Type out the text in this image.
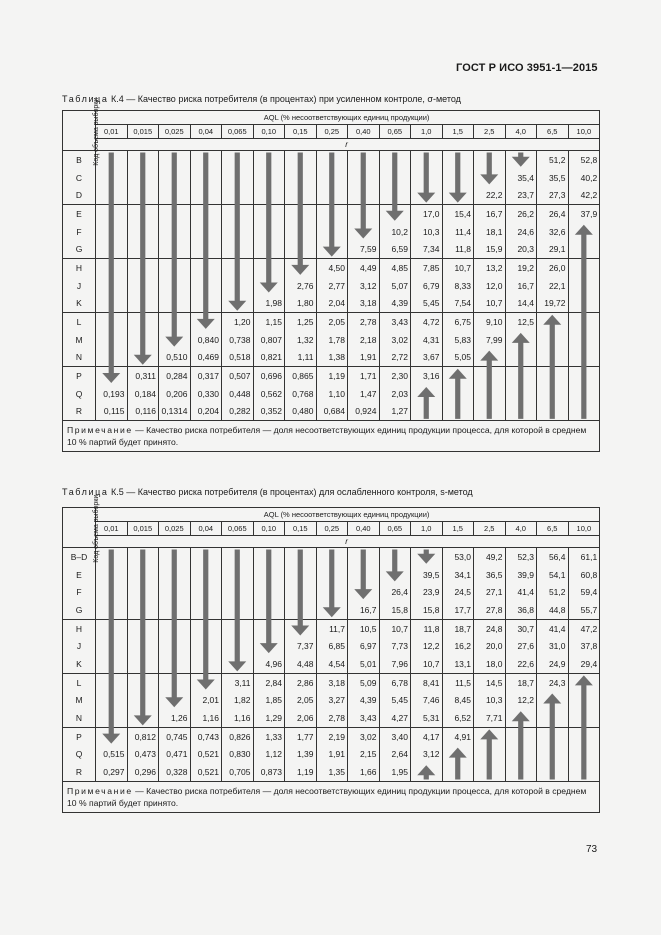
ГОСТ Р ИСО 3951-1—2015
Таблица К.4 — Качество риска потребителя (в процентах) при усиленном контроле, σ-метод
Код объема выборки	AQL (% несоответствующих единиц продукции)															
	0,01	0,015	0,025	0,04	0,065	0,10	0,15	0,25	0,40	0,65	1,0	1,5	2,5	4,0	6,5	10,0
	r															
B															51,2	52,8
C														35,4	35,5	40,2
D													22,2	23,7	27,3	42,2
E											17,0	15,4	16,7	26,2	26,4	37,9
F										10,2	10,3	11,4	18,1	24,6	32,6	
G									7,59	6,59	7,34	11,8	15,9	20,3	29,1	
H								4,50	4,49	4,85	7,85	10,7	13,2	19,2	26,0	
J							2,76	2,77	3,12	5,07	6,79	8,33	12,0	16,7	22,1	
K						1,98	1,80	2,04	3,18	4,39	5,45	7,54	10,7	14,4	19,72	
L					1,20	1,15	1,25	2,05	2,78	3,43	4,72	6,75	9,10	12,5		
M				0,840	0,738	0,807	1,32	1,78	2,18	3,02	4,31	5,83	7,99			
N			0,510	0,469	0,518	0,821	1,11	1,38	1,91	2,72	3,67	5,05				
P		0,311	0,284	0,317	0,507	0,696	0,865	1,19	1,71	2,30	3,16					
Q	0,193	0,184	0,206	0,330	0,448	0,562	0,768	1,10	1,47	2,03						
R	0,115	0,116	0,1314	0,204	0,282	0,352	0,480	0,684	0,924	1,27						
Примечание — Качество риска потребителя — доля несоответствующих единиц продукции процесса, для которой в среднем 10 % партий будет принято.																
Таблица К.5 — Качество риска потребителя (в процентах) для ослабленного контроля, s-метод
Код объема выборки	AQL (% несоответствующих единиц продукции)															
	0,01	0,015	0,025	0,04	0,065	0,10	0,15	0,25	0,40	0,65	1,0	1,5	2,5	4,0	6,5	10,0
	r															
B–D												53,0	49,2	52,3	56,4	61,1
E											39,5	34,1	36,5	39,9	54,1	60,8
F										26,4	23,9	24,5	27,1	41,4	51,2	59,4
G									16,7	15,8	15,8	17,7	27,8	36,8	44,8	55,7
H								11,7	10,5	10,7	11,8	18,7	24,8	30,7	41,4	47,2
J							7,37	6,85	6,97	7,73	12,2	16,2	20,0	27,6	31,0	37,8
K						4,96	4,48	4,54	5,01	7,96	10,7	13,1	18,0	22,6	24,9	29,4
L					3,11	2,84	2,86	3,18	5,09	6,78	8,41	11,5	14,5	18,7	24,3	
M				2,01	1,82	1,85	2,05	3,27	4,39	5,45	7,46	8,45	10,3	12,2		
N			1,26	1,16	1,16	1,29	2,06	2,78	3,43	4,27	5,31	6,52	7,71			
P		0,812	0,745	0,743	0,826	1,33	1,77	2,19	3,02	3,40	4,17	4,91				
Q	0,515	0,473	0,471	0,521	0,830	1,12	1,39	1,91	2,15	2,64	3,12					
R	0,297	0,296	0,328	0,521	0,705	0,873	1,19	1,35	1,66	1,95						
Примечание — Качество риска потребителя — доля несоответствующих единиц продукции процесса, для которой в среднем 10 % партий будет принято.																
73
